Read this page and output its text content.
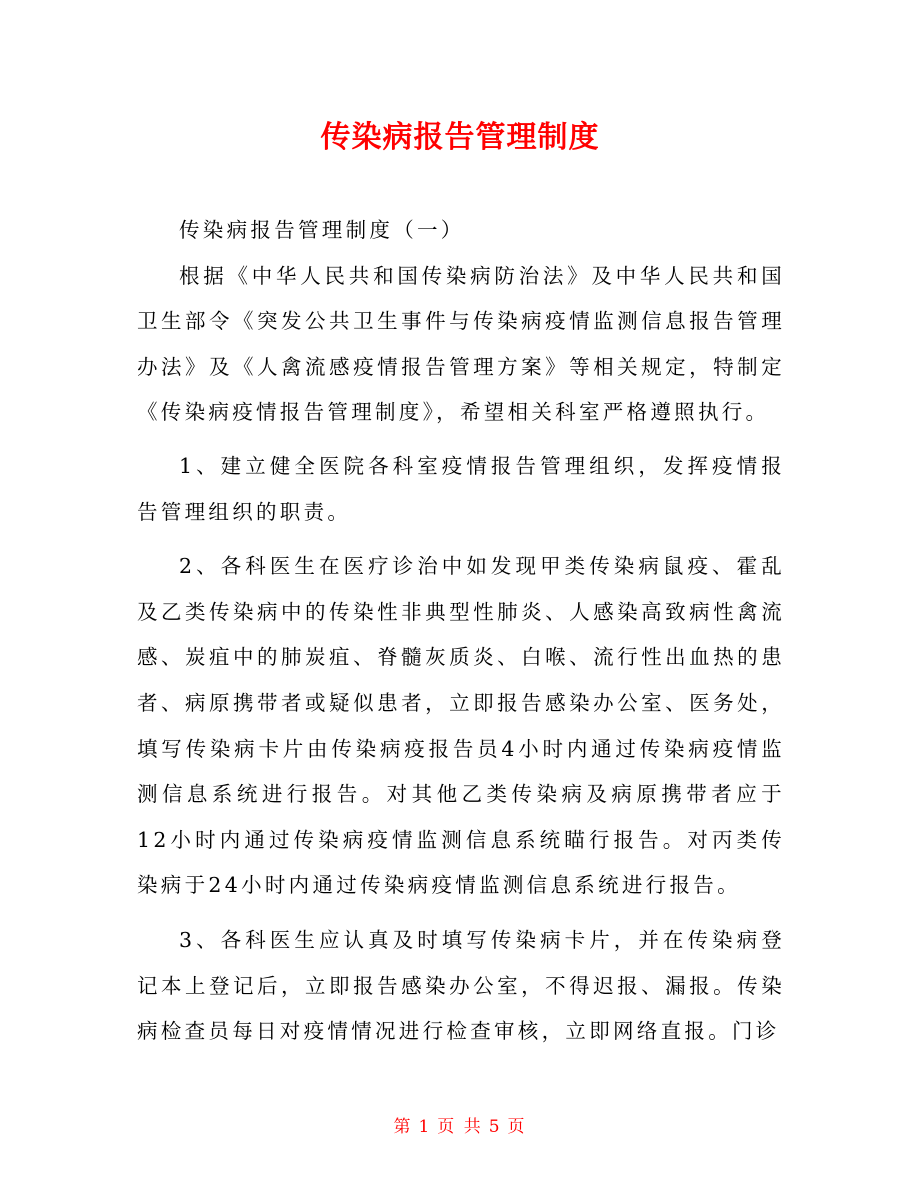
传染病报告管理制度

传染病报告管理制度（一）

根据《中华人民共和国传染病防治法》及中华人民共和国卫生部令《突发公共卫生事件与传染病疫情监测信息报告管理办法》及《人禽流感疫情报告管理方案》等相关规定，特制定《传染病疫情报告管理制度》，希望相关科室严格遵照执行。

1、建立健全医院各科室疫情报告管理组织，发挥疫情报告管理组织的职责。

2、各科医生在医疗诊治中如发现甲类传染病鼠疫、霍乱及乙类传染病中的传染性非典型性肺炎、人感染高致病性禽流感、炭疽中的肺炭疽、脊髓灰质炎、白喉、流行性出血热的患者、病原携带者或疑似患者，立即报告感染办公室、医务处，填写传染病卡片由传染病疫报告员4小时内通过传染病疫情监测信息系统进行报告。对其他乙类传染病及病原携带者应于12小时内通过传染病疫情监测信息系统瞄行报告。对丙类传染病于24小时内通过传染病疫情监测信息系统进行报告。

3、各科医生应认真及时填写传染病卡片，并在传染病登记本上登记后，立即报告感染办公室，不得迟报、漏报。传染病检查员每日对疫情情况进行检查审核，立即网络直报。门诊

第 1 页 共 5 页
